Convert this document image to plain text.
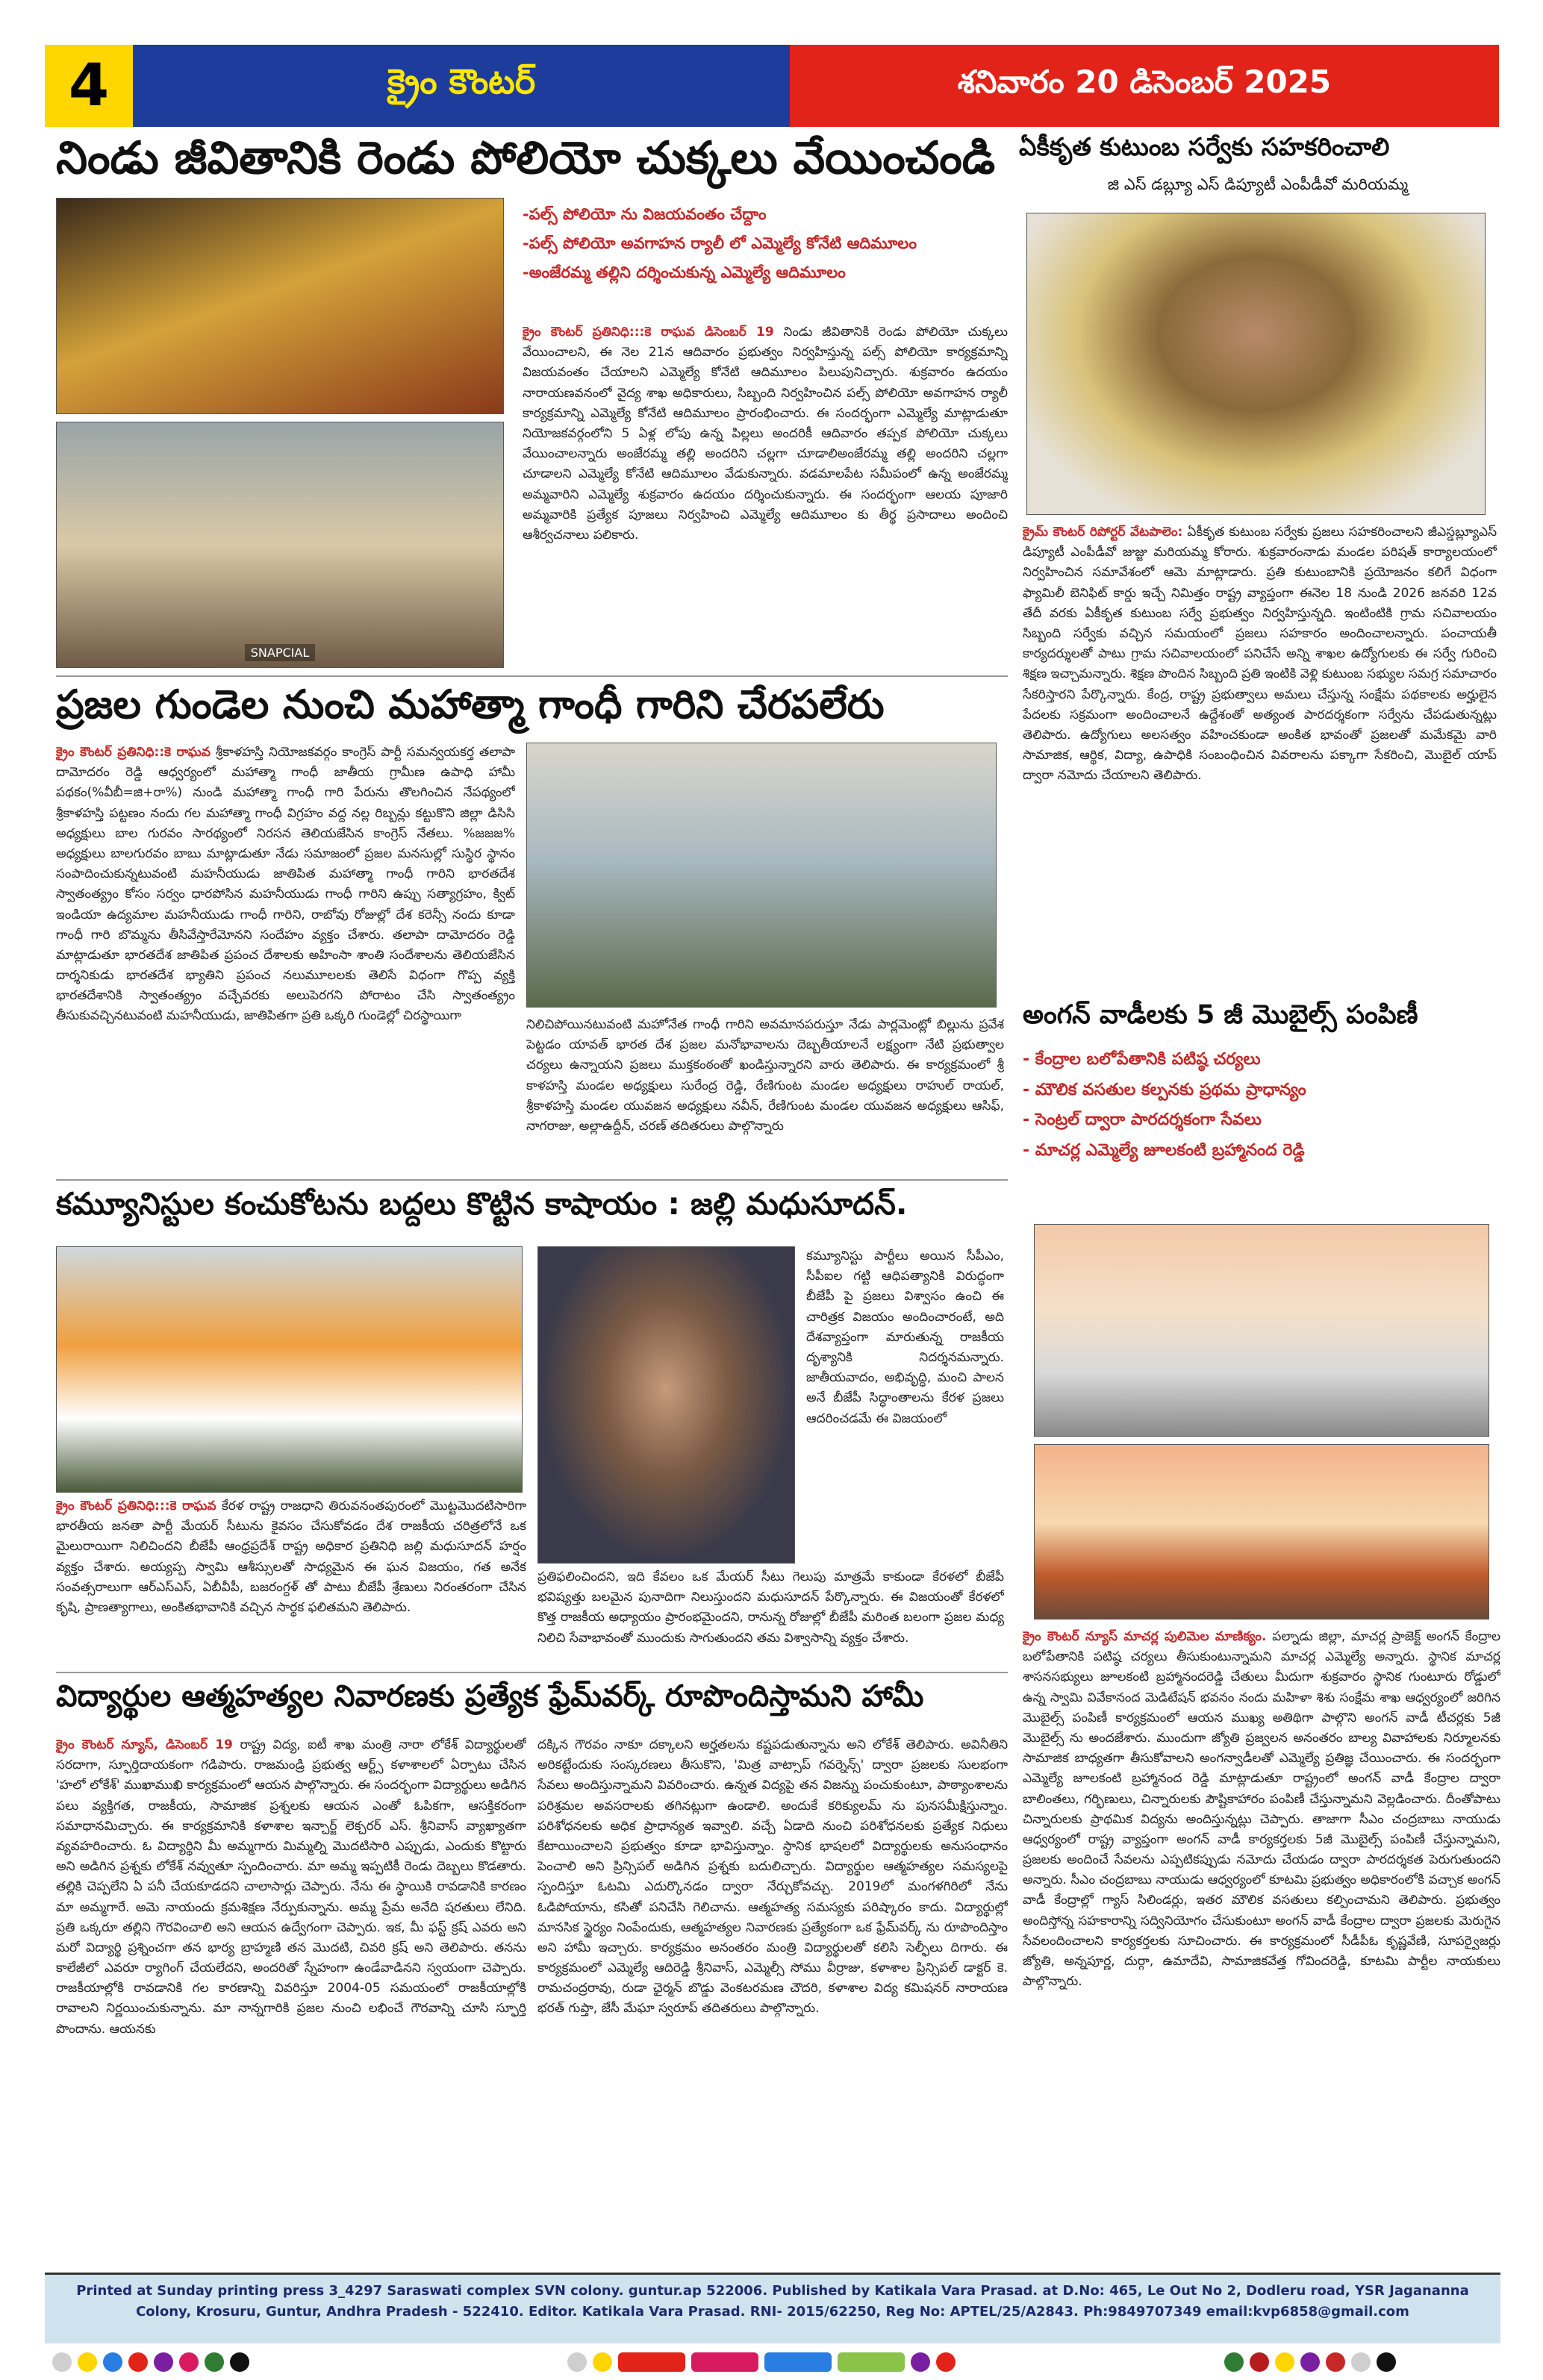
4	క్రైం కౌంటర్	శనివారం 20 డిసెంబర్ 2025
నిండు జీవితానికి రెండు పోలియో చుక్కలు వేయించండి
SNAPCIAL
-పల్స్ పోలియో ను విజయవంతం చేద్దాం
-పల్స్ పోలియో అవగాహన ర్యాలీ లో ఎమ్మెల్యే కోనేటి ఆదిమూలం
-అంజేరమ్మ తల్లిని దర్శించుకున్న ఎమ్మెల్యే ఆదిమూలం
క్రైం కౌంటర్ ప్రతినిధి:::కె రాఘవ డిసెంబర్ 19 నిండు జీవితానికి రెండు పోలియో చుక్కలు వేయించాలని, ఈ నెల 21న ఆదివారం ప్రభుత్వం నిర్వహిస్తున్న పల్స్ పోలియో కార్యక్రమాన్ని విజయవంతం చేయాలని ఎమ్మెల్యే కోనేటి ఆదిమూలం పిలుపునిచ్చారు. శుక్రవారం ఉదయం నారాయణవనంలో వైద్య శాఖ అధికారులు, సిబ్బంది నిర్వహించిన పల్స్ పోలియో అవగాహన ర్యాలీ కార్యక్రమాన్ని ఎమ్మెల్యే కోనేటి ఆదిమూలం ప్రారంభించారు. ఈ సందర్భంగా ఎమ్మెల్యే మాట్లాడుతూ నియోజకవర్గంలోని 5 ఏళ్ల లోపు ఉన్న పిల్లలు అందరికీ ఆదివారం తప్పక పోలియో చుక్కలు వేయించాలన్నారు అంజేరమ్మ తల్లి అందరిని చల్లగా చూడాలిఅంజేరమ్మ తల్లి అందరిని చల్లగా చూడాలని ఎమ్మెల్యే కోనేటి ఆదిమూలం వేడుకున్నారు. వడమాలపేట సమీపంలో ఉన్న అంజేరమ్మ అమ్మవారిని ఎమ్మెల్యే శుక్రవారం ఉదయం దర్శించుకున్నారు. ఈ సందర్భంగా ఆలయ పూజారి అమ్మవారికి ప్రత్యేక పూజలు నిర్వహించి ఎమ్మెల్యే ఆదిమూలం కు తీర్థ ప్రసాదాలు అందించి ఆశీర్వచనాలు పలికారు.
ఏకీకృత కుటుంబ సర్వేకు సహకరించాలి
జి ఎస్ డబ్ల్యూ ఎస్ డిప్యూటీ ఎంపీడీవో మరియమ్మ
క్రైమ్ కౌంటర్ రిపోర్టర్ వేటపాలెం: ఏకీకృత కుటుంబ సర్వేకు ప్రజలు సహకరించాలని జీఎస్డబ్ల్యూఎస్ డిప్యూటీ ఎంపీడీవో జుజ్జు మరియమ్మ కోరారు. శుక్రవారంనాడు మండల పరిషత్ కార్యాలయంలో నిర్వహించిన సమావేశంలో ఆమె మాట్లాడారు. ప్రతి కుటుంబానికి ప్రయోజనం కలిగే విధంగా ఫ్యామిలీ బెనిఫిట్ కార్డు ఇచ్చే నిమిత్తం రాష్ట్ర వ్యాప్తంగా ఈనెల 18 నుండి 2026 జనవరి 12వ తేదీ వరకు ఏకీకృత కుటుంబ సర్వే ప్రభుత్వం నిర్వహిస్తున్నది. ఇంటింటికి గ్రామ సచివాలయం సిబ్బంది సర్వేకు వచ్చిన సమయంలో ప్రజలు సహకారం అందించాలన్నారు. పంచాయతీ కార్యదర్శులతో పాటు గ్రామ సచివాలయంలో పనిచేసే అన్ని శాఖల ఉద్యోగులకు ఈ సర్వే గురించి శిక్షణ ఇచ్చామన్నారు. శిక్షణ పొందిన సిబ్బంది ప్రతి ఇంటికి వెళ్లి కుటుంబ సభ్యుల సమగ్ర సమాచారం సేకరిస్తారని పేర్కొన్నారు. కేంద్ర, రాష్ట్ర ప్రభుత్వాలు అమలు చేస్తున్న సంక్షేమ పథకాలకు అర్హులైన పేదలకు సక్రమంగా అందించాలనే ఉద్దేశంతో అత్యంత పారదర్శకంగా సర్వేను చేపడుతున్నట్లు తెలిపారు. ఉద్యోగులు అలసత్వం వహించకుండా అంకిత భావంతో ప్రజలతో మమేకమై వారి సామాజిక, ఆర్థిక, విద్యా, ఉపాధికి సంబంధించిన వివరాలను పక్కాగా సేకరించి, మొబైల్ యాప్ ద్వారా నమోదు చేయాలని తెలిపారు.
ప్రజల గుండెల నుంచి మహాత్మా గాంధీ గారిని చేరపలేరు
క్రైం కౌంటర్ ప్రతినిధి::కె రాఘవ శ్రీకాళహస్తి నియోజకవర్గం కాంగ్రెస్ పార్టీ సమన్వయకర్త తలాపా దామోదరం రెడ్డి ఆధ్వర్యంలో మహాత్మా గాంధీ జాతీయ గ్రామీణ ఉపాధి హామీ పథకం(%వీబీ=జి+రా%) నుండి మహాత్మా గాంధీ గారి పేరును తొలగించిన నేపథ్యంలో శ్రీకాళహస్తి పట్టణం నందు గల మహాత్మా గాంధీ విగ్రహం వద్ద నల్ల రిబ్బన్లు కట్టుకొని జిల్లా డిసిసి అధ్యక్షులు బాల గురవం సారథ్యంలో నిరసన తెలియజేసిన కాంగ్రెస్ నేతలు. %జజజ% అధ్యక్షులు బాలగురవం బాబు మాట్లాడుతూ నేడు సమాజంలో ప్రజల మనసుల్లో సుస్థిర స్థానం సంపాదించుకున్నటువంటి మహనీయుడు జాతిపిత మహాత్మా గాంధీ గారిని భారతదేశ స్వాతంత్య్రం కోసం సర్వం ధారపోసిన మహనీయుడు గాంధీ గారిని ఉప్పు సత్యాగ్రహం, క్విట్ ఇండియా ఉద్యమాల మహనీయుడు గాంధీ గారిని, రాబోవు రోజుల్లో దేశ కరెన్సీ నందు కూడా గాంధీ గారి బొమ్మను తీసివేస్తారేమోనని సందేహం వ్యక్తం చేశారు. తలాపా దామోదరం రెడ్డి మాట్లాడుతూ భారతదేశ జాతిపిత ప్రపంచ దేశాలకు అహింసా శాంతి సందేశాలను తెలియజేసిన దార్శనికుడు భారతదేశ భ్యాతిని ప్రపంచ నలుమూలలకు తెలిసే విధంగా గొప్ప వ్యక్తి భారతదేశానికి స్వాతంత్య్రం వచ్చేవరకు అలుపెరగని పోరాటం చేసి స్వాతంత్య్రం తీసుకువచ్చినటువంటి మహనీయుడు, జాతిపితగా ప్రతి ఒక్కరి గుండెల్లో చిరస్థాయిగా
నిలిచిపోయినటువంటి మహోనేత గాంధీ గారిని అవమానపరుస్తూ నేడు పార్లమెంట్లో బిల్లును ప్రవేశ పెట్టడం యావత్ భారత దేశ ప్రజల మనోభావాలను దెబ్బతీయాలనే లక్ష్యంగా నేటి ప్రభుత్వాల చర్యలు ఉన్నాయని ప్రజలు ముక్తకంఠంతో ఖండిస్తున్నారని వారు తెలిపారు. ఈ కార్యక్రమంలో శ్రీ కాళహస్తి మండల అధ్యక్షులు సురేంద్ర రెడ్డి, రేణిగుంట మండల అధ్యక్షులు రాహుల్ రాయల్, శ్రీకాళహస్తి మండల యువజన అధ్యక్షులు నవీన్, రేణిగుంట మండల యువజన అధ్యక్షులు ఆసిఫ్, నాగరాజు, అల్లాఉద్దీన్, చరణ్ తదితరులు పాల్గొన్నారు
అంగన్ వాడీలకు 5 జీ మొబైల్స్ పంపిణీ
- కేంద్రాల బలోపేతానికి పటిష్ఠ చర్యలు
- మౌలిక వసతుల కల్పనకు ప్రథమ ప్రాధాన్యం
- సెంట్రల్ ద్వారా పారదర్శకంగా సేవలు
- మాచర్ల ఎమ్మెల్యే జూలకంటి బ్రహ్మానంద రెడ్డి
క్రైం కౌంటర్ న్యూస్ మాచర్ల పులిమెల మాణిక్యం. పల్నాడు జిల్లా, మాచర్ల ప్రాజెక్ట్ అంగన్ కేంద్రాల బలోపేతానికి పటిష్ఠ చర్యలు తీసుకుంటున్నామని మాచర్ల ఎమ్మెల్యే అన్నారు. స్థానిక మాచర్ల శాసనసభ్యులు జూలకంటి బ్రహ్మానందరెడ్డి చేతులు మీదుగా శుక్రవారం స్థానిక గుంటూరు రోడ్డులో ఉన్న స్వామి వివేకానంద మెడిటేషన్ భవనం నందు మహిళా శిశు సంక్షేమ శాఖ ఆధ్వర్యంలో జరిగిన మొబైల్స్ పంపిణీ కార్యక్రమంలో ఆయన ముఖ్య అతిథిగా పాల్గొని అంగన్ వాడీ టీచర్లకు 5జీ మొబైల్స్ ను అందజేశారు. ముందుగా జ్యోతి ప్రజ్వలన అనంతరం బాల్య వివాహాలకు నిర్మూలనకు సామాజిక బాధ్యతగా తీసుకోవాలని అంగన్వాడీలతో ఎమ్మెల్యే ప్రతిజ్ఞ చేయించారు. ఈ సందర్భంగా ఎమ్మెల్యే జూలకంటి బ్రహ్మానంద రెడ్డి మాట్లాడుతూ రాష్ట్రంలో అంగన్ వాడీ కేంద్రాల ద్వారా బాలింతలు, గర్భిణులు, చిన్నారులకు పౌష్టికాహారం పంపిణీ చేస్తున్నామని వెల్లడించారు. దీంతోపాటు చిన్నారులకు ప్రాథమిక విద్యను అందిస్తున్నట్లు చెప్పారు. తాజాగా సీఎం చంద్రబాబు నాయుడు ఆధ్వర్యంలో రాష్ట్ర వ్యాప్తంగా అంగన్ వాడీ కార్యకర్తలకు 5జీ మొబైల్స్ పంపిణీ చేస్తున్నామని, ప్రజలకు అందించే సేవలను ఎప్పటికప్పుడు నమోదు చేయడం ద్వారా పారదర్శకత పెరుగుతుందని అన్నారు. సీఎం చంద్రబాబు నాయుడు ఆధ్వర్యంలో కూటమి ప్రభుత్వం అధికారంలోకి వచ్చాక అంగన్ వాడీ కేంద్రాల్లో గ్యాస్ సిలిండర్లు, ఇతర మౌలిక వసతులు కల్పించామని తెలిపారు. ప్రభుత్వం అందిస్తోన్న సహకారాన్ని సద్వినియోగం చేసుకుంటూ అంగన్ వాడీ కేంద్రాల ద్వారా ప్రజలకు మెరుగైన సేవలందించాలని కార్యకర్తలకు సూచించారు. ఈ కార్యక్రమంలో సీడీపీఓ కృష్ణవేణి, సూపర్వైజర్లు జ్యోతి, అన్నపూర్ణ, దుర్గా, ఉమాదేవి, సామాజికవేత్త గోవిందరెడ్డి, కూటమి పార్టీల నాయకులు పాల్గొన్నారు.
కమ్యూనిస్టుల కంచుకోటను బద్దలు కొట్టిన కాషాయం : జల్లి మధుసూదన్.
కమ్యూనిస్టు పార్టీలు అయిన సీపీఎం, సీపీఐల గట్టి ఆధిపత్యానికి విరుద్ధంగా బీజేపీ పై ప్రజలు విశ్వాసం ఉంచి ఈ చారిత్రక విజయం అందించారంటే, అది దేశవ్యాప్తంగా మారుతున్న రాజకీయ దృశ్యానికి నిదర్శనమన్నారు. జాతీయవాదం, అభివృద్ధి, మంచి పాలన అనే బీజేపీ సిద్ధాంతాలను కేరళ ప్రజలు ఆదరించడమే ఈ విజయంలో
క్రైం కౌంటర్ ప్రతినిధి:::కె రాఘవ కేరళ రాష్ట్ర రాజధాని తిరువనంతపురంలో మొట్టమొదటిసారిగా భారతీయ జనతా పార్టీ మేయర్ సీటును కైవసం చేసుకోవడం దేశ రాజకీయ చరిత్రలోనే ఒక మైలురాయిగా నిలిచిందని బీజేపీ ఆంధ్రప్రదేశ్ రాష్ట్ర అధికార ప్రతినిధి జల్లి మధుసూదన్ హర్షం వ్యక్తం చేశారు. అయ్యప్ప స్వామి ఆశీస్సులతో సాధ్యమైన ఈ ఘన విజయం, గత అనేక సంవత్సరాలుగా ఆర్ఎస్ఎస్, ఏబీవీపీ, బజరంగ్దళ్ తో పాటు బీజేపీ శ్రేణులు నిరంతరంగా చేసిన కృషి, ప్రాణత్యాగాలు, అంకితభావానికి వచ్చిన సార్థక ఫలితమని తెలిపారు.
ప్రతిఫలించిందని, ఇది కేవలం ఒక మేయర్ సీటు గెలుపు మాత్రమే కాకుండా కేరళలో బీజేపీ భవిష్యత్తు బలమైన పునాదిగా నిలుస్తుందని మధుసూదన్ పేర్కొన్నారు. ఈ విజయంతో కేరళలో కొత్త రాజకీయ అధ్యాయం ప్రారంభమైందని, రానున్న రోజుల్లో బీజేపీ మరింత బలంగా ప్రజల మధ్య నిలిచి సేవాభావంతో ముందుకు సాగుతుందని తమ విశ్వాసాన్ని వ్యక్తం చేశారు.
విద్యార్థుల ఆత్మహత్యల నివారణకు ప్రత్యేక ఫ్రేమ్‌వర్క్ రూపొందిస్తామని హామీ
క్రైం కౌంటర్ న్యూస్, డిసెంబర్ 19 రాష్ట్ర విద్య, ఐటీ శాఖ మంత్రి నారా లోకేశ్ విద్యార్థులతో సరదాగా, స్ఫూర్తిదాయకంగా గడిపారు. రాజమండ్రి ప్రభుత్వ ఆర్ట్స్ కళాశాలలో ఏర్పాటు చేసిన 'హలో లోకేశ్' ముఖాముఖి కార్యక్రమంలో ఆయన పాల్గొన్నారు. ఈ సందర్భంగా విద్యార్థులు అడిగిన పలు వ్యక్తిగత, రాజకీయ, సామాజిక ప్రశ్నలకు ఆయన ఎంతో ఓపికగా, ఆసక్తికరంగా సమాధానమిచ్చారు. ఈ కార్యక్రమానికి కళాశాల ఇన్చార్జ్ లెక్చరర్ ఎస్. శ్రీనివాస్ వ్యాఖ్యాతగా వ్యవహరించారు. ఓ విద్యార్థిని మీ అమ్మగారు మిమ్మల్ని మొదటిసారి ఎప్పుడు, ఎందుకు కొట్టారు అని అడిగిన ప్రశ్నకు లోకేశ్ నవ్వుతూ స్పందించారు. మా అమ్మ ఇప్పటికీ రెండు దెబ్బలు కొడతారు. తల్లికి చెప్పలేని ఏ పనీ చేయకూడదని చాలాసార్లు చెప్పారు. నేను ఈ స్థాయికి రావడానికి కారణం మా అమ్మగారే. అమె నాయందు క్రమశిక్షణ నేర్పుకున్నాను. అమ్మ ప్రేమ అనేది షరతులు లేనిది. ప్రతి ఒక్కరూ తల్లిని గౌరవించాలి అని ఆయన ఉద్వేగంగా చెప్పారు. ఇక, మీ ఫస్ట్ క్రష్ ఎవరు అని మరో విద్యార్థి ప్రశ్నించగా తన భార్య బ్రాహ్మణి తన మొదటి, చివరి క్రష్ అని తెలిపారు. తనను కాలేజీలో ఎవరూ ర్యాగింగ్ చేయలేదని, అందరితో స్నేహంగా ఉండేవాడినని స్వయంగా చెప్పారు. రాజకీయాల్లోకి రావడానికి గల కారణాన్ని వివరిస్తూ 2004-05 సమయంలో రాజకీయాల్లోకి రావాలని నిర్ణయించుకున్నాను. మా నాన్నగారికి ప్రజల నుంచి లభించే గౌరవాన్ని చూసి స్ఫూర్తి పొందాను. ఆయనకు
దక్కిన గౌరవం నాకూ దక్కాలని అర్హతలను కష్టపడుతున్నాను అని లోకేశ్ తెలిపారు. అవినీతిని అరికట్టేందుకు సంస్కరణలు తీసుకొని, 'మిత్ర వాట్సాప్ గవర్నెన్స్' ద్వారా ప్రజలకు సులభంగా సేవలు అందిస్తున్నామని వివరించారు. ఉన్నత విద్యపై తన విజన్ను పంచుకుంటూ, పాఠ్యాంశాలను పరిశ్రమల అవసరాలకు తగినట్లుగా ఉండాలి. అందుకే కరిక్యులమ్ ను పునసమీక్షిస్తున్నాం. పరిశోధనలకు అధిక ప్రాధాన్యత ఇవ్వాలి. వచ్చే ఏడాది నుంచి పరిశోధనలకు ప్రత్యేక నిధులు కేటాయించాలని ప్రభుత్వం కూడా భావిస్తున్నాం. స్థానిక భాషలలో విద్యార్థులకు అనుసంధానం పెంచాలి అని ప్రిన్సిపల్ అడిగిన ప్రశ్నకు బదులిచ్చారు. విద్యార్థుల ఆత్మహత్యల సమస్యలపై స్పందిస్తూ ఓటమి ఎదుర్కొనడం ద్వారా నేర్చుకోవచ్చు. 2019లో మంగళగిరిలో నేను ఓడిపోయాను, కసితో పనిచేసి గెలిచాను. ఆత్మహత్య సమస్యకు పరిష్కారం కాదు. విద్యార్థుల్లో మానసిక స్థైర్యం నింపేందుకు, ఆత్మహత్యల నివారణకు ప్రత్యేకంగా ఒక ఫ్రేమ్‌వర్క్ ను రూపొందిస్తాం అని హామీ ఇచ్చారు. కార్యక్రమం అనంతరం మంత్రి విద్యార్థులతో కలిసి సెల్ఫీలు దిగారు. ఈ కార్యక్రమంలో ఎమ్మెల్యే ఆదిరెడ్డి శ్రీనివాస్, ఎమ్మెల్సీ సోము వీర్రాజు, కళాశాల ప్రిన్సిపల్ డాక్టర్ కె. రామచంద్రరావు, రుడా ఛైర్మన్ బొడ్డు వెంకటరమణ చౌదరి, కళాశాల విద్య కమిషనర్ నారాయణ భరత్ గుప్తా, జేసీ మేఘా స్వరూప్ తదితరులు పాల్గొన్నారు.
Printed at Sunday printing press 3_4297 Saraswati complex SVN colony. guntur.ap 522006. Published by Katikala Vara Prasad. at D.No: 465, Le Out No 2, Dodleru road, YSR Jagananna
Colony, Krosuru, Guntur, Andhra Pradesh - 522410. Editor. Katikala Vara Prasad. RNI- 2015/62250, Reg No: APTEL/25/A2843. Ph:9849707349 email:kvp6858@gmail.com
